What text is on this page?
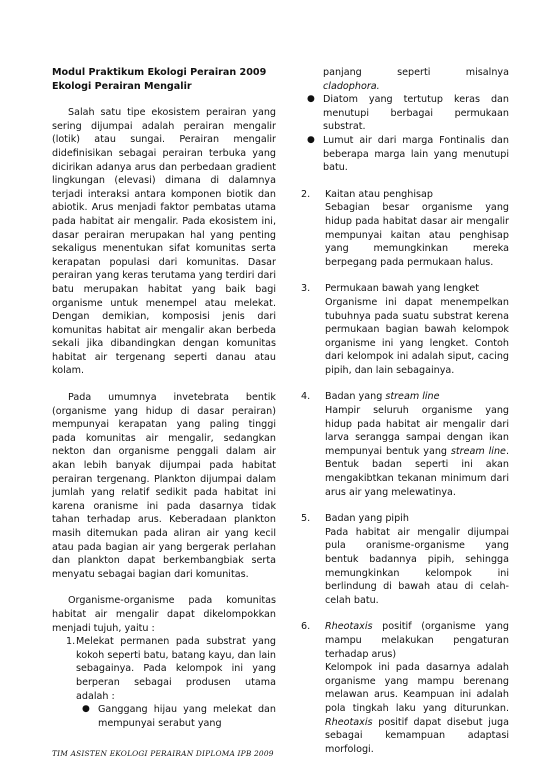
Modul Praktikum Ekologi Perairan 2009

Ekologi Perairan Mengalir

Salah satu tipe ekosistem perairan yang sering dijumpai adalah perairan mengalir (lotik) atau sungai. Perairan mengalir didefinisikan sebagai perairan terbuka yang dicirikan adanya arus dan perbedaan gradient lingkungan (elevasi) dimana di dalamnya terjadi interaksi antara komponen biotik dan abiotik. Arus menjadi faktor pembatas utama pada habitat air mengalir. Pada ekosistem ini, dasar perairan merupakan hal yang penting sekaligus menentukan sifat komunitas serta kerapatan populasi dari komunitas. Dasar perairan yang keras terutama yang terdiri dari batu merupakan habitat yang baik bagi organisme untuk menempel atau melekat. Dengan demikian, komposisi jenis dari komunitas habitat air mengalir akan berbeda sekali jika dibandingkan dengan komunitas habitat air tergenang seperti danau atau kolam.

Pada umumnya invetebrata bentik (organisme yang hidup di dasar perairan) mempunyai kerapatan yang paling tinggi pada komunitas air mengalir, sedangkan nekton dan organisme penggali dalam air akan lebih banyak dijumpai pada habitat perairan tergenang. Plankton dijumpai dalam jumlah yang relatif sedikit pada habitat ini karena oranisme ini pada dasarnya tidak tahan terhadap arus. Keberadaan plankton masih ditemukan pada aliran air yang kecil atau pada bagian air yang bergerak perlahan dan plankton dapat berkembangbiak serta menyatu sebagai bagian dari komunitas.

Organisme-organisme pada komunitas habitat air mengalir dapat dikelompokkan menjadi tujuh, yaitu :

1. Melekat permanen pada substrat yang kokoh seperti batu, batang kayu, dan lain sebagainya. Pada kelompok ini yang berperan sebagai produsen utama adalah :

● Ganggang hijau yang melekat dan mempunyai serabut yang
panjang seperti misalnya
cladophora.
● Diatom yang tertutup keras dan menutupi berbagai permukaan substrat.
● Lumut air dari marga Fontinalis dan beberapa marga lain yang menutupi batu.
2. Kaitan atau penghisap

Sebagian besar organisme yang hidup pada habitat dasar air mengalir mempunyai kaitan atau penghisap yang memungkinkan mereka berpegang pada permukaan halus.

3. Permukaan bawah yang lengket

Organisme ini dapat menempelkan tubuhnya pada suatu substrat kerena permukaan bagian bawah kelompok organisme ini yang lengket. Contoh dari kelompok ini adalah siput, cacing pipih, dan lain sebagainya.

4. Badan yang stream line

Hampir seluruh organisme yang hidup pada habitat air mengalir dari larva serangga sampai dengan ikan mempunyai bentuk yang stream line. Bentuk badan seperti ini akan mengakibtkan tekanan minimum dari arus air yang melewatinya.

5. Badan yang pipih

Pada habitat air mengalir dijumpai pula oranisme-organisme yang bentuk badannya pipih, sehingga memungkinkan kelompok ini berlindung di bawah atau di celah-celah batu.

6. Rheotaxis positif (organisme yang mampu melakukan pengaturan terhadap arus)

Kelompok ini pada dasarnya adalah organisme yang mampu berenang melawan arus. Keampuan ini adalah pola tingkah laku yang diturunkan. Rheotaxis positif dapat disebut juga sebagai kemampuan adaptasi morfologi.

TIM ASISTEN EKOLOGI PERAIRAN DIPLOMA IPB 2009
